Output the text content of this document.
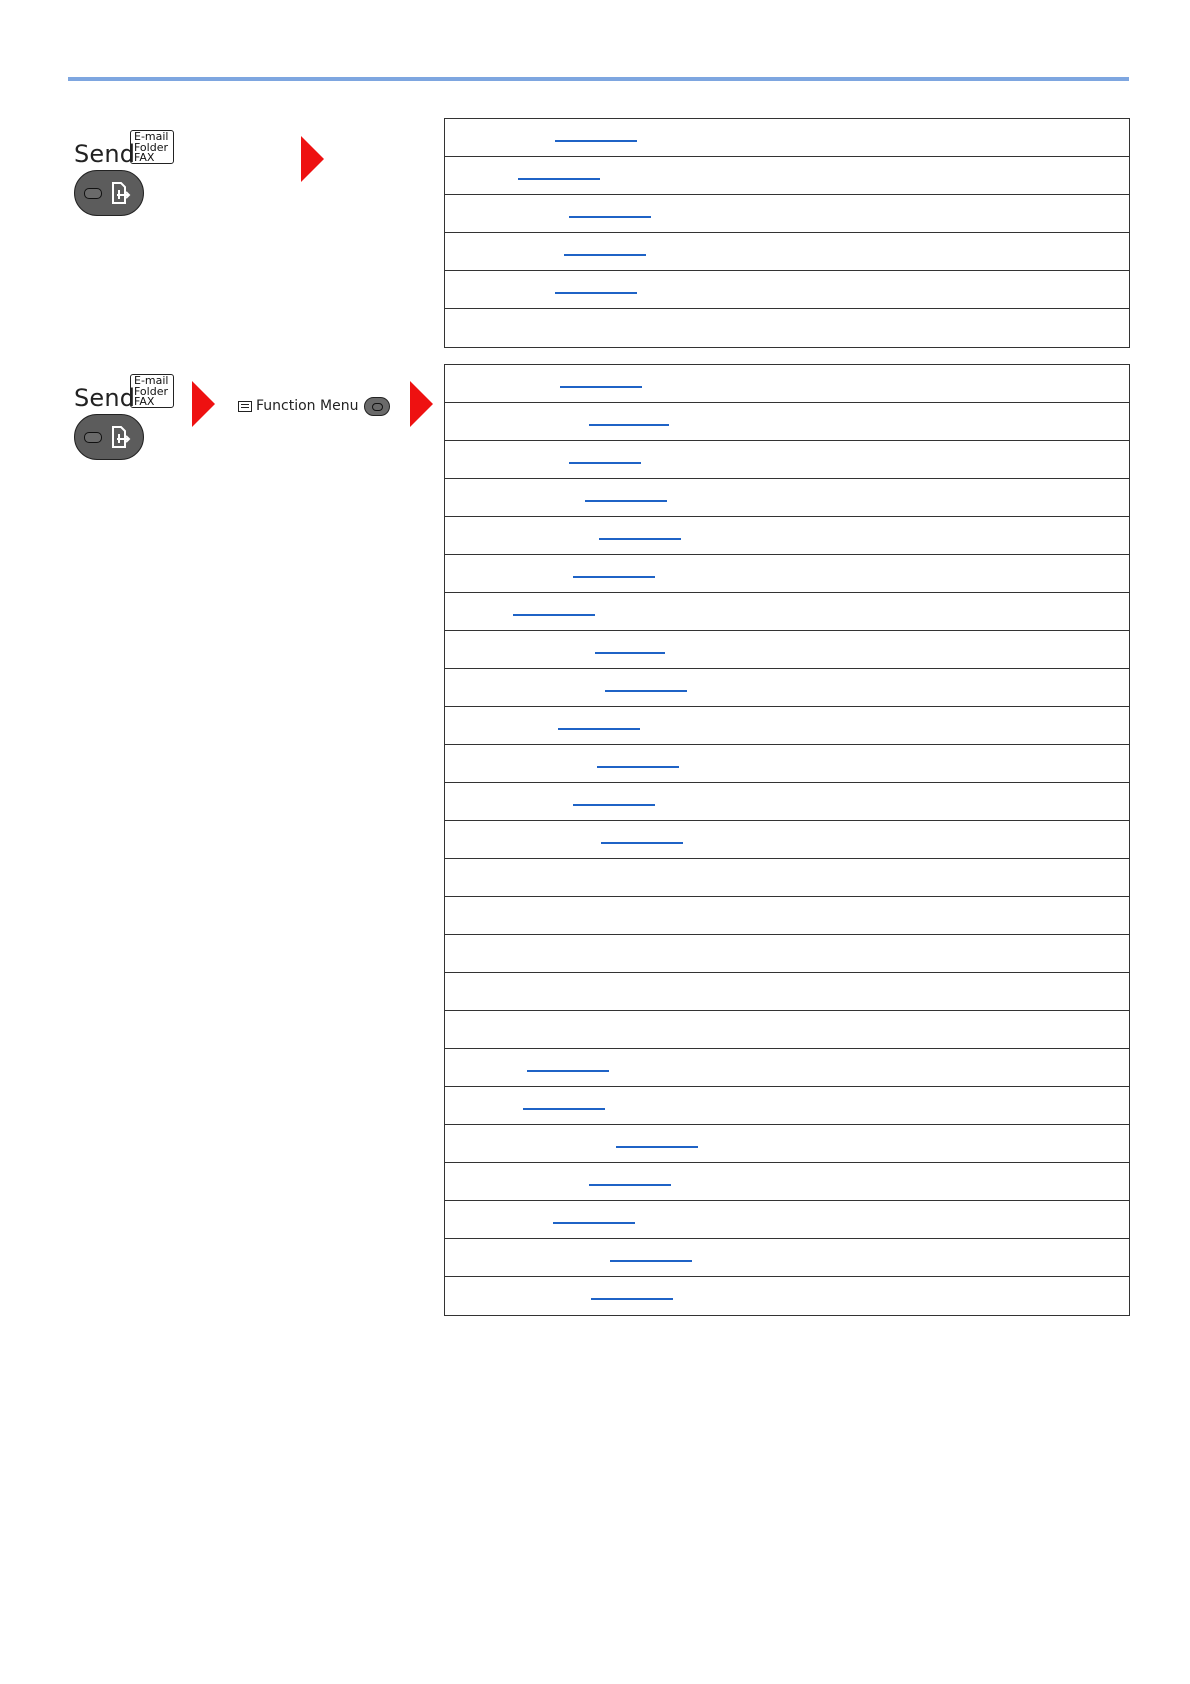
Send
E-mail
Folder
FAX
Send
E-mail
Folder
FAX	Function Menu
